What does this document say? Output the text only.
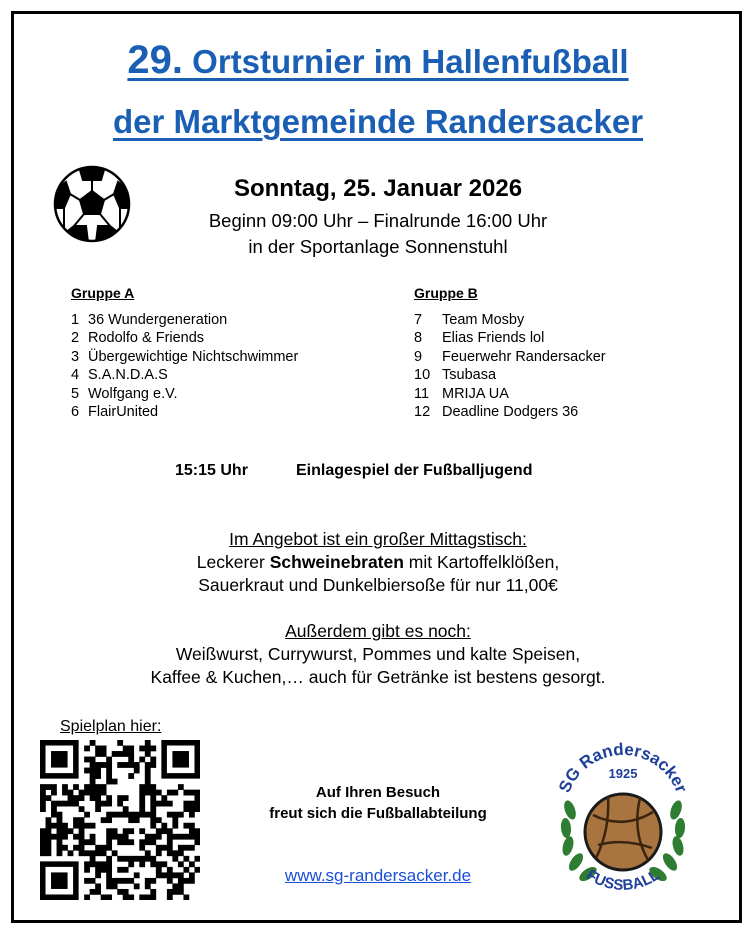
29. Ortsturnier im Hallenfußball
der Marktgemeinde Randersacker
Sonntag, 25. Januar 2026
Beginn 09:00 Uhr – Finalrunde 16:00 Uhr
in der Sportanlage Sonnenstuhl
Gruppe A
1 36 Wundergeneration
2 Rodolfo & Friends
3 Übergewichtige Nichtschwimmer
4 S.A.N.D.A.S
5 Wolfgang e.V.
6 FlairUnited
Gruppe B
7 Team Mosby
8 Elias Friends lol
9 Feuerwehr Randersacker
10 Tsubasa
11 MRIJA UA
12 Deadline Dodgers 36
15:15 Uhr	Einlagespiel der Fußballjugend
Im Angebot ist ein großer Mittagstisch:
Leckerer Schweinebraten mit Kartoffelklößen,
Sauerkraut und Dunkelbiersoße für nur 11,00€
Außerdem gibt es noch:
Weißwurst, Currywurst, Pommes und kalte Speisen,
Kaffee & Kuchen,… auch für Getränke ist bestens gesorgt.
Spielplan hier:
Auf Ihren Besuch
freut sich die Fußballabteilung
www.sg-randersacker.de
SG Randersacker
1925
FUSSBALL
